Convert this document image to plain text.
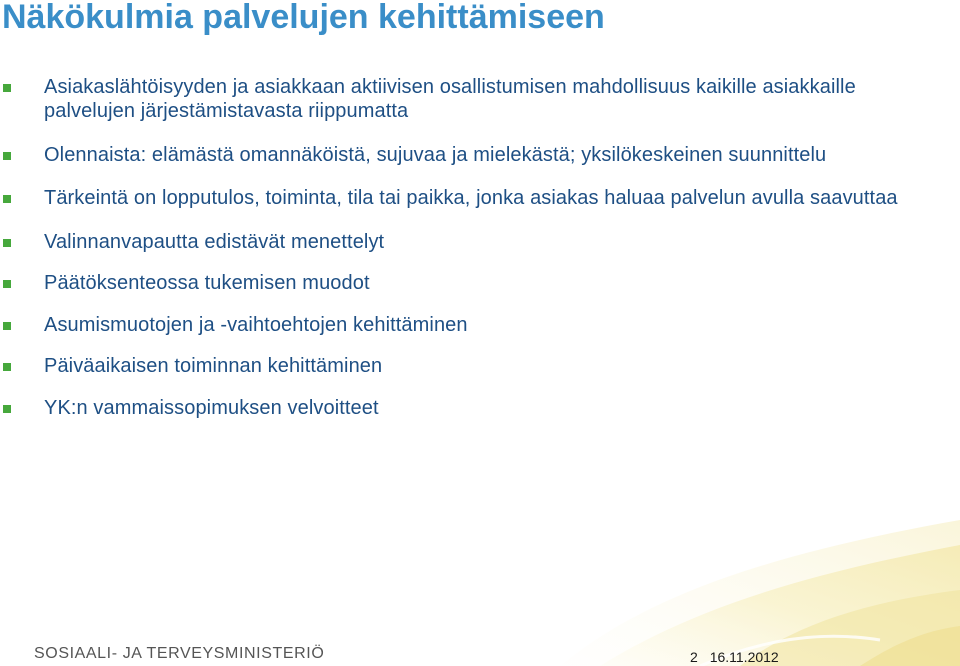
Näkökulmia palvelujen kehittämiseen
Asiakaslähtöisyyden ja asiakkaan aktiivisen osallistumisen mahdollisuus kaikille asiakkaille palvelujen järjestämistavasta riippumatta
Olennaista: elämästä omannäköistä, sujuvaa ja mielekästä; yksilökeskeinen suunnittelu
Tärkeintä on lopputulos, toiminta, tila tai paikka, jonka asiakas haluaa palvelun avulla saavuttaa
Valinnanvapautta edistävät menettelyt
Päätöksenteossa tukemisen muodot
Asumismuotojen ja -vaihtoehtojen kehittäminen
Päiväaikaisen toiminnan kehittäminen
YK:n vammaissopimuksen velvoitteet
SOSIAALI- JA TERVEYSMINISTERIÖ	2 16.11.2012
